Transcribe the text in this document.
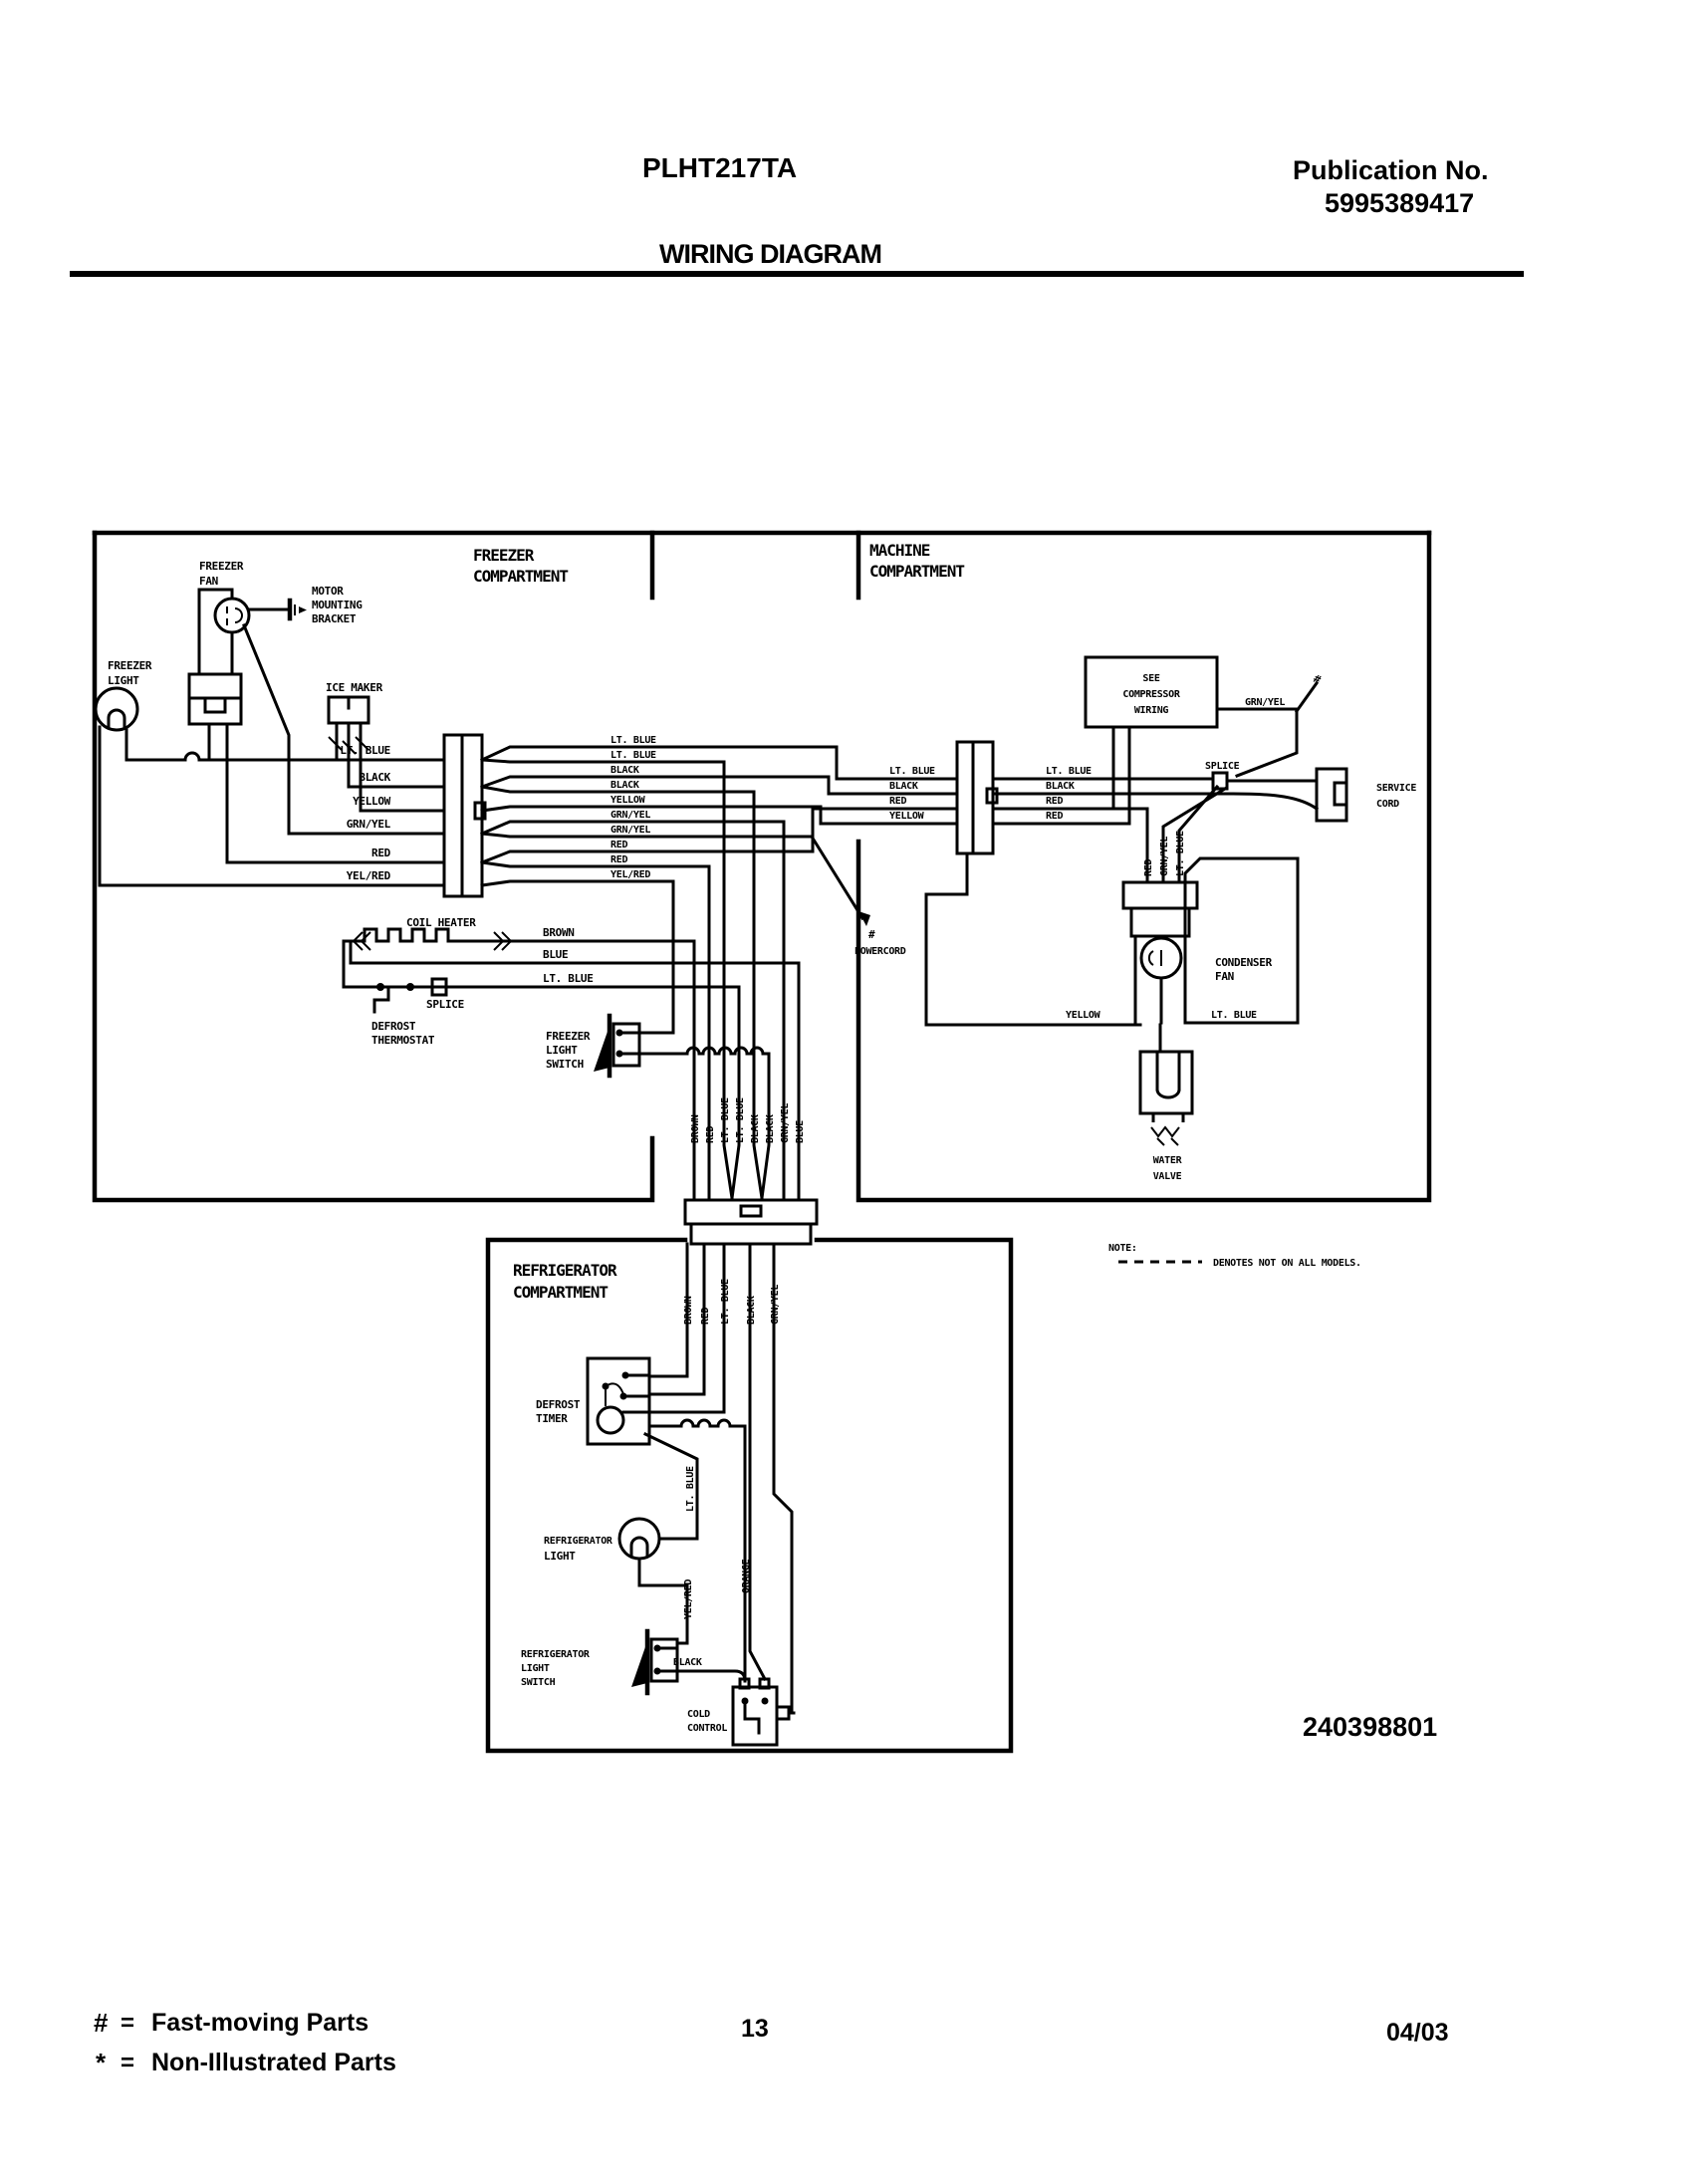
PLHT217TA	Publication No.
5995389417
WIRING DIAGRAM
240398801
# = Fast-moving Parts
* = Non-Illustrated Parts
13	04/03
FREEZER
COMPARTMENT
MACHINE
COMPARTMENT
REFRIGERATOR
COMPARTMENT
FREEZER
LIGHT
FREEZER
FAN
MOTOR
MOUNTING
BRACKET
ICE MAKER
LT. BLUE
BLACK
YELLOW
GRN/YEL
RED
YEL/RED
LT. BLUE
LT. BLUE
BLACK
BLACK
YELLOW
GRN/YEL
GRN/YEL
RED
RED
YEL/RED
#
POWERCORD
COIL HEATER
BROWN
BLUE
LT. BLUE
SPLICE
DEFROST
THERMOSTAT	FREEZER
LIGHT
SWITCH
BROWN RED LT. BLUE LT. BLUE BLACK BLACK GRN/YEL BLUE
LT. BLUE
BLACK
RED
YELLOW
LT. BLUE
BLACK
RED
RED
SEE
COMPRESSOR
WIRING
#
GRN/YEL
SPLICE
SERVICE
CORD
RED GRN/YEL LT. BLUE
CONDENSER
FAN
YELLOW	LT. BLUE
WATER
VALVE
NOTE:
DENOTES NOT ON ALL MODELS.
BROWN RED LT. BLUE BLACK GRN/YEL
DEFROST
TIMER
LT. BLUE
ORANGE
REFRIGERATOR
LIGHT
YEL/RED
REFRIGERATOR
LIGHT
SWITCH
BLACK
COLD
CONTROL
